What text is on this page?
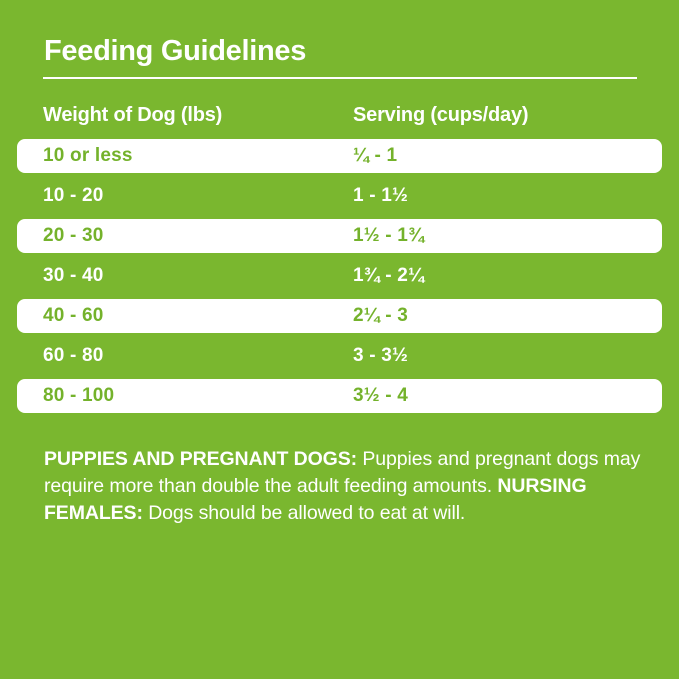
Feeding Guidelines
Weight of Dog (lbs)	Serving (cups/day)
10 or less	¼ - 1
10 - 20	1 - 1½
20 - 30	1½ - 1¾
30 - 40	1¾ - 2¼
40 - 60	2¼ - 3
60 - 80	3 - 3½
80 - 100	3½ - 4

PUPPIES AND PREGNANT DOGS: Puppies and pregnant dogs may require more than double the adult feeding amounts. NURSING FEMALES: Dogs should be allowed to eat at will.
